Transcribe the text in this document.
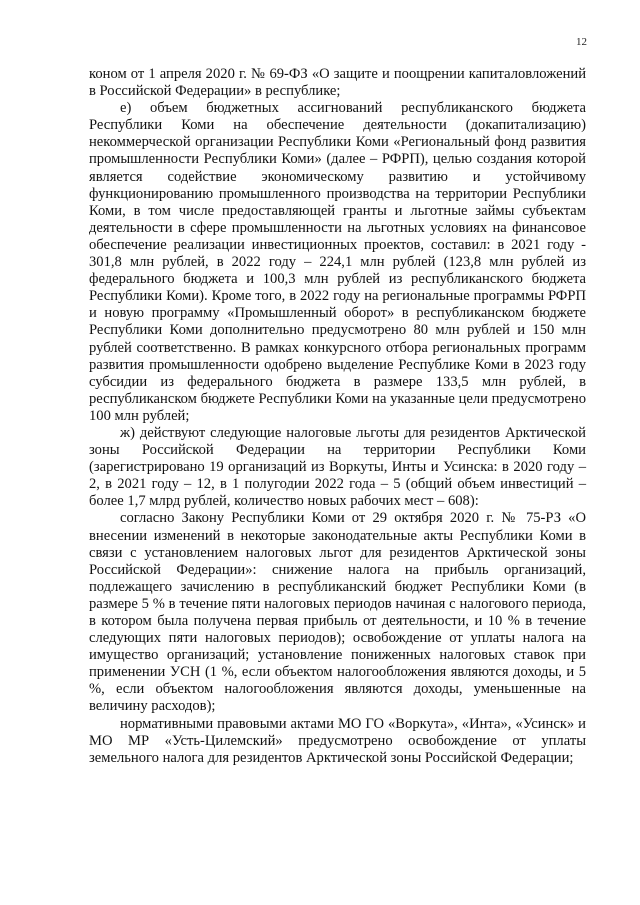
12

коном от 1 апреля 2020 г. № 69-ФЗ «О защите и поощрении капиталовложений в Российской Федерации» в республике;

е) объем бюджетных ассигнований республиканского бюджета Республики Коми на обеспечение деятельности (докапитализацию) некоммерческой организации Республики Коми «Региональный фонд развития промышленности Республики Коми» (далее – РФРП), целью создания которой является содействие экономическому развитию и устойчивому функционированию промышленного производства на территории Республики Коми, в том числе предоставляющей гранты и льготные займы субъектам деятельности в сфере промышленности на льготных условиях на финансовое обеспечение реализации инвестиционных проектов, составил: в 2021 году - 301,8 млн рублей, в 2022 году – 224,1 млн рублей (123,8 млн рублей из федерального бюджета и 100,3 млн рублей из республиканского бюджета Республики Коми). Кроме того, в 2022 году на региональные программы РФРП и новую программу «Промышленный оборот» в республиканском бюджете Республики Коми дополнительно предусмотрено 80 млн рублей и 150 млн рублей соответственно. В рамках конкурсного отбора региональных программ развития промышленности одобрено выделение Республике Коми в 2023 году субсидии из федерального бюджета в размере 133,5 млн рублей, в республиканском бюджете Республики Коми на указанные цели предусмотрено 100 млн рублей;

ж) действуют следующие налоговые льготы для резидентов Арктической зоны Российской Федерации на территории Республики Коми (зарегистрировано 19 организаций из Воркуты, Инты и Усинска: в 2020 году – 2, в 2021 году – 12, в 1 полугодии 2022 года – 5 (общий объем инвестиций – более 1,7 млрд рублей, количество новых рабочих мест – 608):

согласно Закону Республики Коми от 29 октября 2020 г. № 75-РЗ «О внесении изменений в некоторые законодательные акты Республики Коми в связи с установлением налоговых льгот для резидентов Арктической зоны Российской Федерации»: снижение налога на прибыль организаций, подлежащего зачислению в республиканский бюджет Республики Коми (в размере 5 % в течение пяти налоговых периодов начиная с налогового периода, в котором была получена первая прибыль от деятельности, и 10 % в течение следующих пяти налоговых периодов); освобождение от уплаты налога на имущество организаций; установление пониженных налоговых ставок при применении УСН (1 %, если объектом налогообложения являются доходы, и 5 %, если объектом налогообложения являются доходы, уменьшенные на величину расходов);

нормативными правовыми актами МО ГО «Воркута», «Инта», «Усинск» и МО МР «Усть-Цилемский» предусмотрено освобождение от уплаты земельного налога для резидентов Арктической зоны Российской Федерации;
